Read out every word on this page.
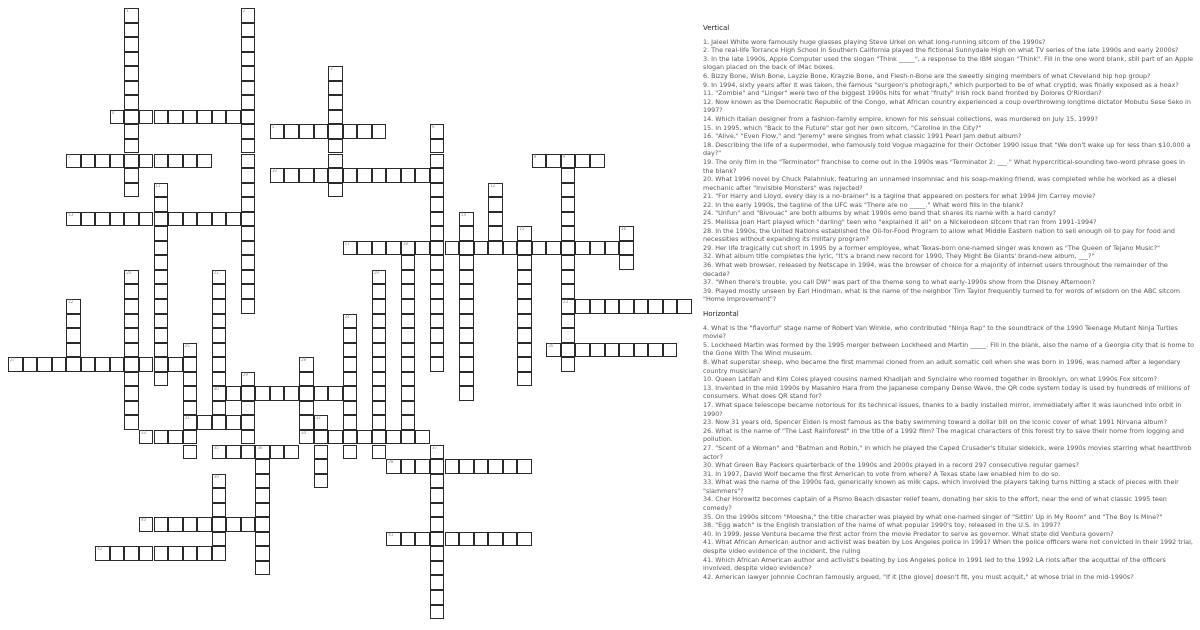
1	2
3
4
5	6
7	8	9
23
10
11	12
13	14
15	16
17	18
19
20	21
30
22
24
25
31
26
27	28
29
32
33	34
35	36	37
38
39
40
41
42
Vertical

1. Jaleel White wore famously huge glasses playing Steve Urkel on what long-running sitcom of the 1990s?

2. The real-life Torrance High School in Southern California played the fictional Sunnydale High on what TV series of the late 1990s and early 2000s?

3. In the late 1990s, Apple Computer used the slogan "Think _____", a response to the IBM slogan "Think". Fill in the one word blank, still part of an Apple slogan placed on the back of iMac boxes.

6. Bizzy Bone, Wish Bone, Layzie Bone, Krayzie Bone, and Flesh-n-Bone are the sweetly singing members of what Cleveland hip hop group?

9. In 1994, sixty years after it was taken, the famous "surgeon's photograph," which purported to be of what cryptid, was finally exposed as a hoax?

11. "Zombie" and "Linger" were two of the biggest 1990s hits for what "fruity" Irish rock band fronted by Dolores O'Riordan?

12. Now known as the Democratic Republic of the Congo, what African country experienced a coup overthrowing longtime dictator Mobutu Sese Seko in 1997?

14. Which Italian designer from a fashion-family empire, known for his sensual collections, was murdered on July 15, 1999?

15. In 1995, which "Back to the Future" star got her own sitcom, "Caroline in the City?"

16. "Alive," "Even Flow," and "Jeremy" were singles from what classic 1991 Pearl Jam debut album?

18. Describing the life of a supermodel, who famously told Vogue magazine for their October 1990 issue that "We don't wake up for less than $10,000 a day?"

19. The only film in the "Terminator" franchise to come out in the 1990s was "Terminator 2: ___." What hypercritical-sounding two-word phrase goes in the blank?

20. What 1996 novel by Chuck Palahniuk, featuring an unnamed insomniac and his soap-making friend, was completed while he worked as a diesel mechanic after "Invisible Monsters" was rejected?

21. "For Harry and Lloyd, every day is a no-brainer" is a tagline that appeared on posters for what 1994 Jim Carrey movie?

22. In the early 1990s, the tagline of the UFC was "There are no _____." What word fills in the blank?

24. "Unfun" and "Bivouac" are both albums by what 1990s emo band that shares its name with a hard candy?

25. Melissa Joan Hart played which "darling" teen who "explained it all" on a Nickelodeon sitcom that ran from 1991-1994?

28. In the 1990s, the United Nations established the Oil-for-Food Program to allow what Middle Eastern nation to sell enough oil to pay for food and necessities without expanding its military program?

29. Her life tragically cut short in 1995 by a former employee, what Texas-born one-named singer was known as "The Queen of Tejano Music?"

32. What album title completes the lyric, "It's a brand new record for 1990, They Might Be Giants' brand-new album, ___?"

36. What web browser, released by Netscape in 1994, was the browser of choice for a majority of internet users throughout the remainder of the decade?

37. "When there's trouble, you call DW" was part of the theme song to what early-1990s show from the Disney Afternoon?

39. Played mostly unseen by Earl Hindman, what is the name of the neighbor Tim Taylor frequently turned to for words of wisdom on the ABC sitcom "Home Improvement"?

Horizontal

4. What is the "flavorful" stage name of Robert Van Winkle, who contributed "Ninja Rap" to the soundtrack of the 1990 Teenage Mutant Ninja Turtles movie?

5. Lockheed Martin was formed by the 1995 merger between Lockheed and Martin _____. Fill in the blank, also the name of a Georgia city that is home to the Gone With The Wind museum.

8. What superstar sheep, who became the first mammal cloned from an adult somatic cell when she was born in 1996, was named after a legendary country musician?

10. Queen Latifah and Kim Coles played cousins named Khadijah and Synclaire who roomed together in Brooklyn, on what 1990s Fox sitcom?

13. Invented in the mid 1990s by Masahiro Hara from the Japanese company Denso Wave, the QR code system today is used by hundreds of millions of consumers. What does QR stand for?

17. What space telescope became notorious for its technical issues, thanks to a badly installed mirror, immediately after it was launched into orbit in 1990?

23. Now 31 years old, Spencer Elden is most famous as the baby swimming toward a dollar bill on the iconic cover of what 1991 Nirvana album?

26. What is the name of "The Last Rainforest" in the title of a 1992 film? The magical characters of this forest try to save their home from logging and pollution.

27. "Scent of a Woman" and "Batman and Robin," in which he played the Caped Crusader's titular sidekick, were 1990s movies starring what heartthrob actor?

30. What Green Bay Packers quarterback of the 1990s and 2000s played in a record 297 consecutive regular games?

31. In 1997, David Wolf became the first American to vote from where? A Texas state law enabled him to do so.

33. What was the name of the 1990s fad, generically known as milk caps, which involved the players taking turns hitting a stack of pieces with their "slammers"?

34. Cher Horowitz becomes captain of a Pismo Beach disaster relief team, donating her skis to the effort, near the end of what classic 1995 teen comedy?

35. On the 1990s sitcom "Moesha," the title character was played by what one-named singer of "Sittin' Up in My Room" and "The Boy Is Mine?"

38. "Egg watch" is the English translation of the name of what popular 1990's toy, released in the U.S. in 1997?

40. In 1999, Jesse Ventura became the first actor from the movie Predator to serve as governor. What state did Ventura govern?

41. What African American author and activist was beaten by Los Angeles police in 1991? When the police officers were not convicted in their 1992 trial, despite video evidence of the incident, the ruling

41. Which African American author and activist's beating by Los Angeles police in 1991 led to the 1992 LA riots after the acquittal of the officers involved, despite video evidence?

42. American lawyer Johnnie Cochran famously argued, "If it [the glove] doesn't fit, you must acquit," at whose trial in the mid-1990s?
